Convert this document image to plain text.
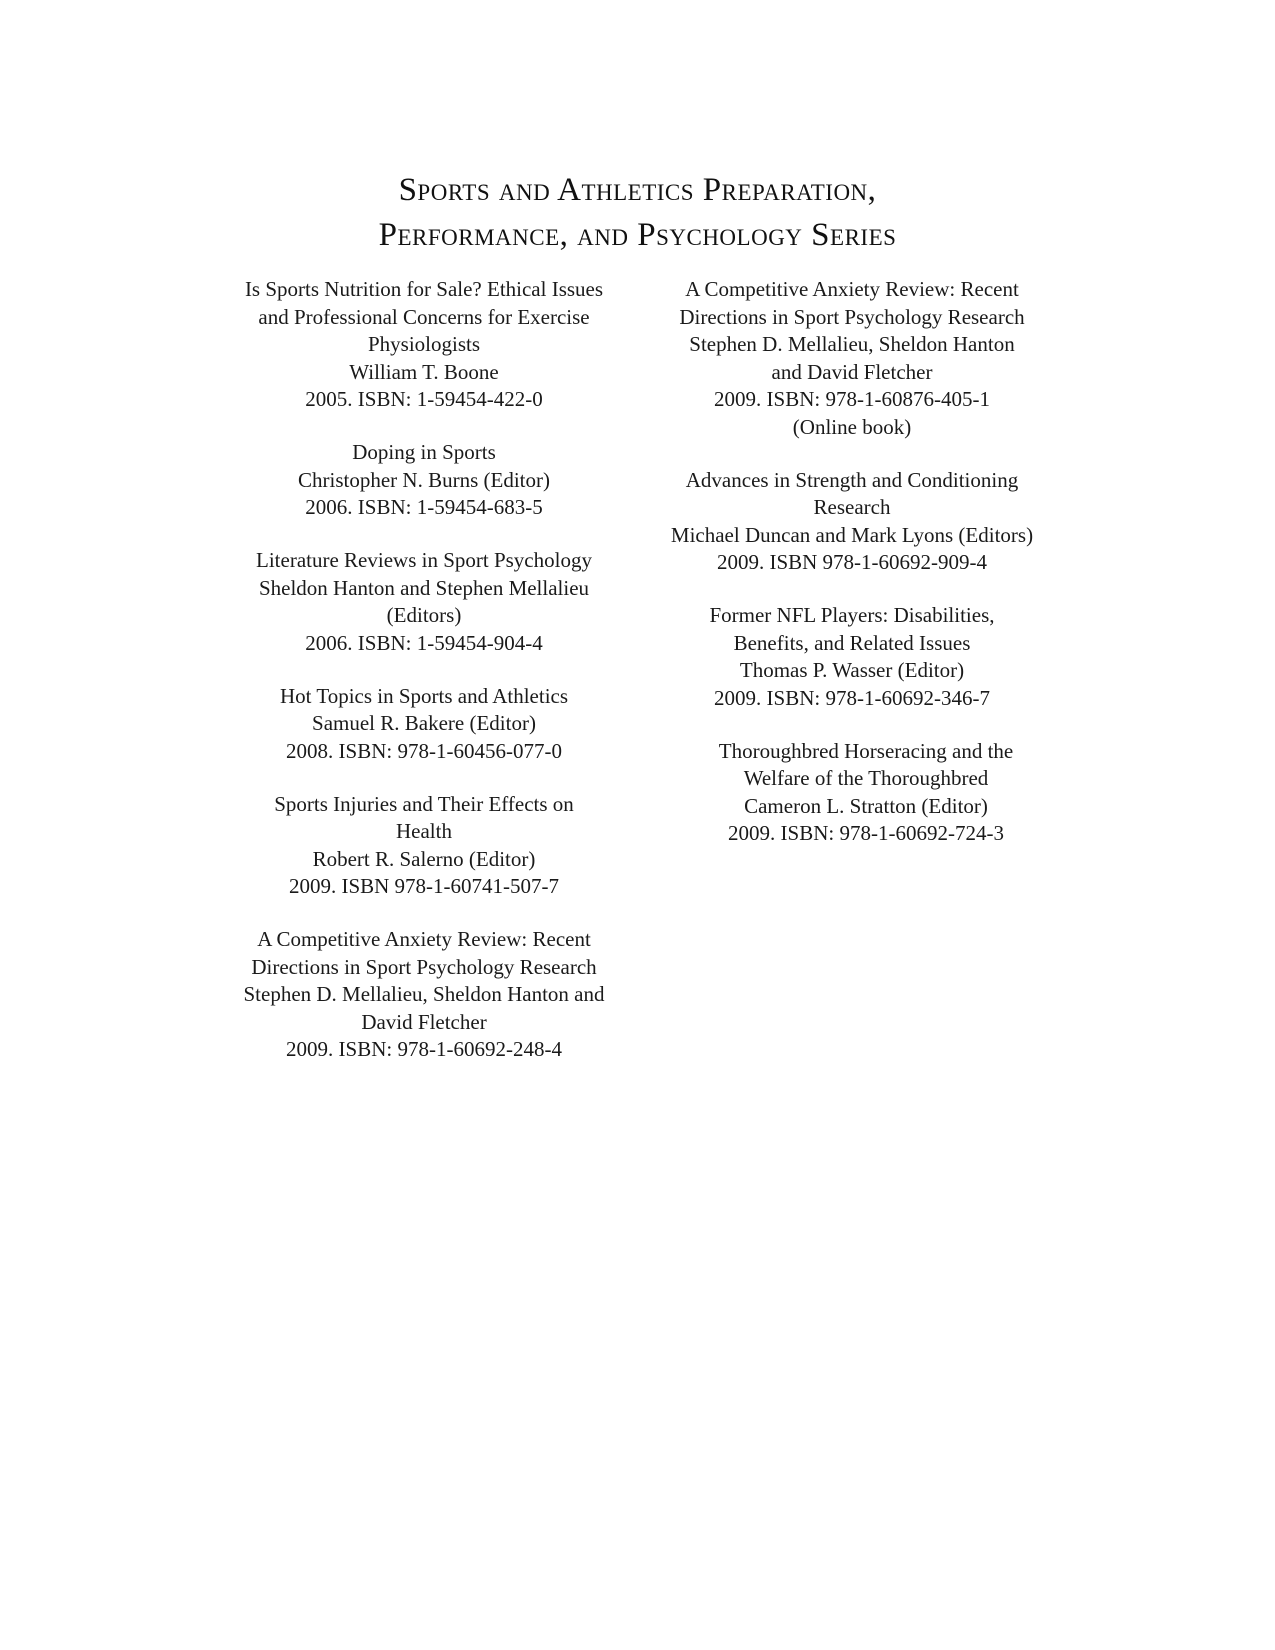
Sports and Athletics Preparation,
Performance, and Psychology Series
Is Sports Nutrition for Sale? Ethical Issues
and Professional Concerns for Exercise
Physiologists
William T. Boone
2005. ISBN: 1-59454-422-0
Doping in Sports
Christopher N. Burns (Editor)
2006. ISBN: 1-59454-683-5
Literature Reviews in Sport Psychology
Sheldon Hanton and Stephen Mellalieu
(Editors)
2006. ISBN: 1-59454-904-4
Hot Topics in Sports and Athletics
Samuel R. Bakere (Editor)
2008. ISBN: 978-1-60456-077-0
Sports Injuries and Their Effects on
Health
Robert R. Salerno (Editor)
2009. ISBN 978-1-60741-507-7
A Competitive Anxiety Review: Recent
Directions in Sport Psychology Research
Stephen D. Mellalieu, Sheldon Hanton and
David Fletcher
2009. ISBN: 978-1-60692-248-4
A Competitive Anxiety Review: Recent
Directions in Sport Psychology Research
Stephen D. Mellalieu, Sheldon Hanton
and David Fletcher
2009. ISBN: 978-1-60876-405-1
(Online book)
Advances in Strength and Conditioning
Research
Michael Duncan and Mark Lyons (Editors)
2009. ISBN 978-1-60692-909-4
Former NFL Players: Disabilities,
Benefits, and Related Issues
Thomas P. Wasser (Editor)
2009. ISBN: 978-1-60692-346-7
Thoroughbred Horseracing and the
Welfare of the Thoroughbred
Cameron L. Stratton (Editor)
2009. ISBN: 978-1-60692-724-3
